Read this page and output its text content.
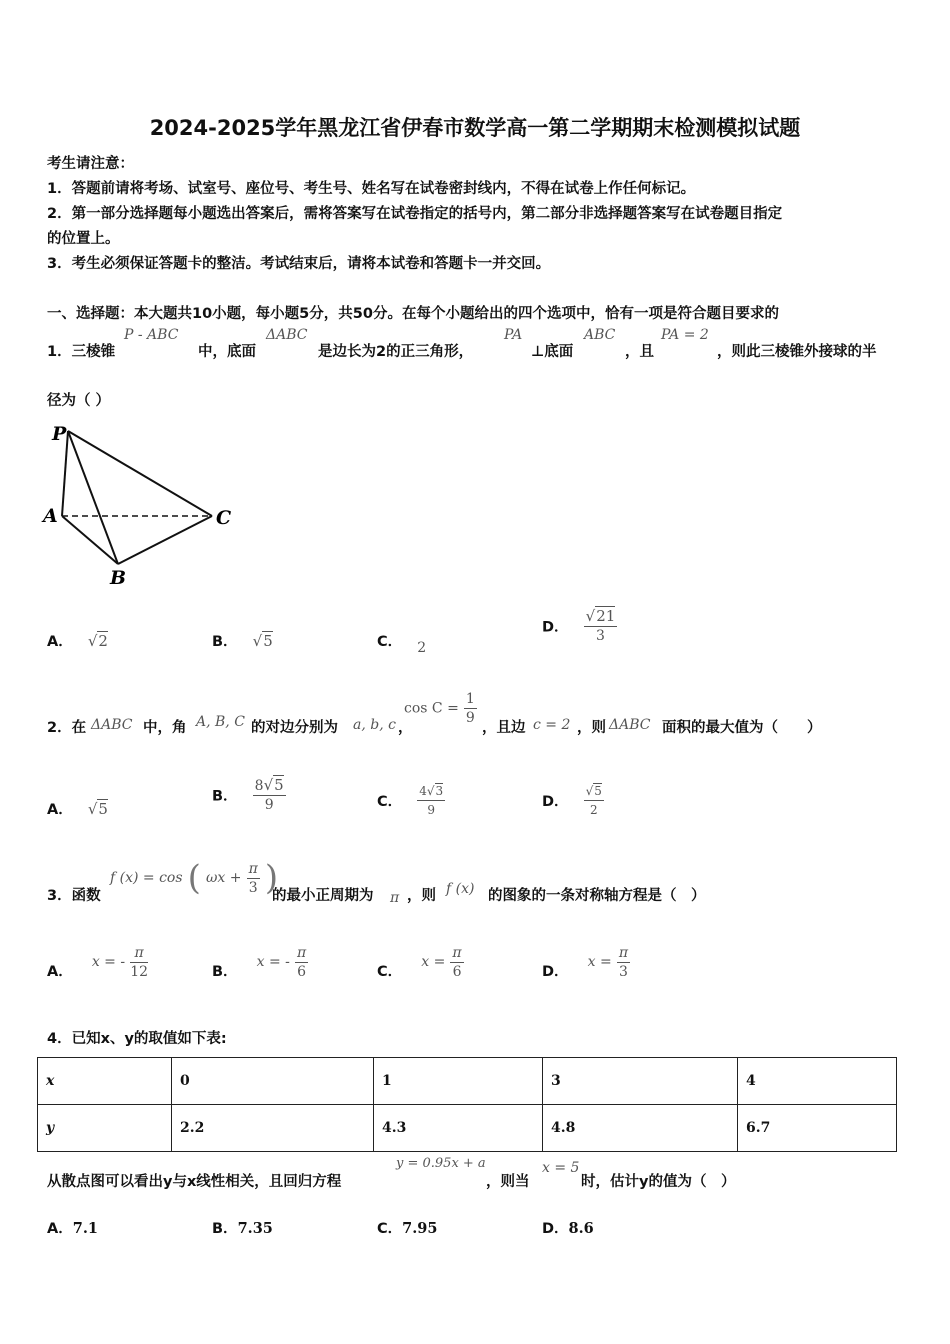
2024-2025学年黑龙江省伊春市数学高一第二学期期末检测模拟试题
考生请注意：
1．答题前请将考场、试室号、座位号、考生号、姓名写在试卷密封线内，不得在试卷上作任何标记。
2．第一部分选择题每小题选出答案后，需将答案写在试卷指定的括号内，第二部分非选择题答案写在试卷题目指定
的位置上。
3．考生必须保证答题卡的整洁。考试结束后，请将本试卷和答题卡一并交回。
一、选择题：本大题共10小题，每小题5分，共50分。在每个小题给出的四个选项中，恰有一项是符合题目要求的
1．三棱锥
P - ABC
中，底面
ΔABC
是边长为2的正三角形，
PA
⊥底面
ABC
，且
PA = 2
，则此三棱锥外接球的半
径为（ ）
P
A
B
C
A． √2	B． √5	C． 2
D． $\frac{√21}{3}$
2．在 ΔABC 中，角 A, B, C 的对边分别为 a, b, c ，
$\cos C = \frac{1}{9}$
，且边 c = 2 ，则 ΔABC 面积的最大值为（　　）
A． √5
B． $\frac{8√5}{9}$	C． $\frac{4√3}{9}$	D． $\frac{√5}{2}$
3．函数
f (x) = cos ( $\omega x + \frac{\pi}{3}$ )
的最小正周期为 π ，则 f (x) 的图象的一条对称轴方程是（　）
A． x = - $\frac{\pi}{12}$	B． x = - $\frac{\pi}{6}$	C． $x = \frac{\pi}{6}$	D． $x = \frac{\pi}{3}$
4．已知x、y的取值如下表:
x	0	1	3	4
y	2.2	4.3	4.8	6.7
从散点图可以看出y与x线性相关，且回归方程
y = 0.95x + a
，则当
x = 5
时，估计y的值为（　）
A．7.1	B．7.35	C．7.95	D．8.6
